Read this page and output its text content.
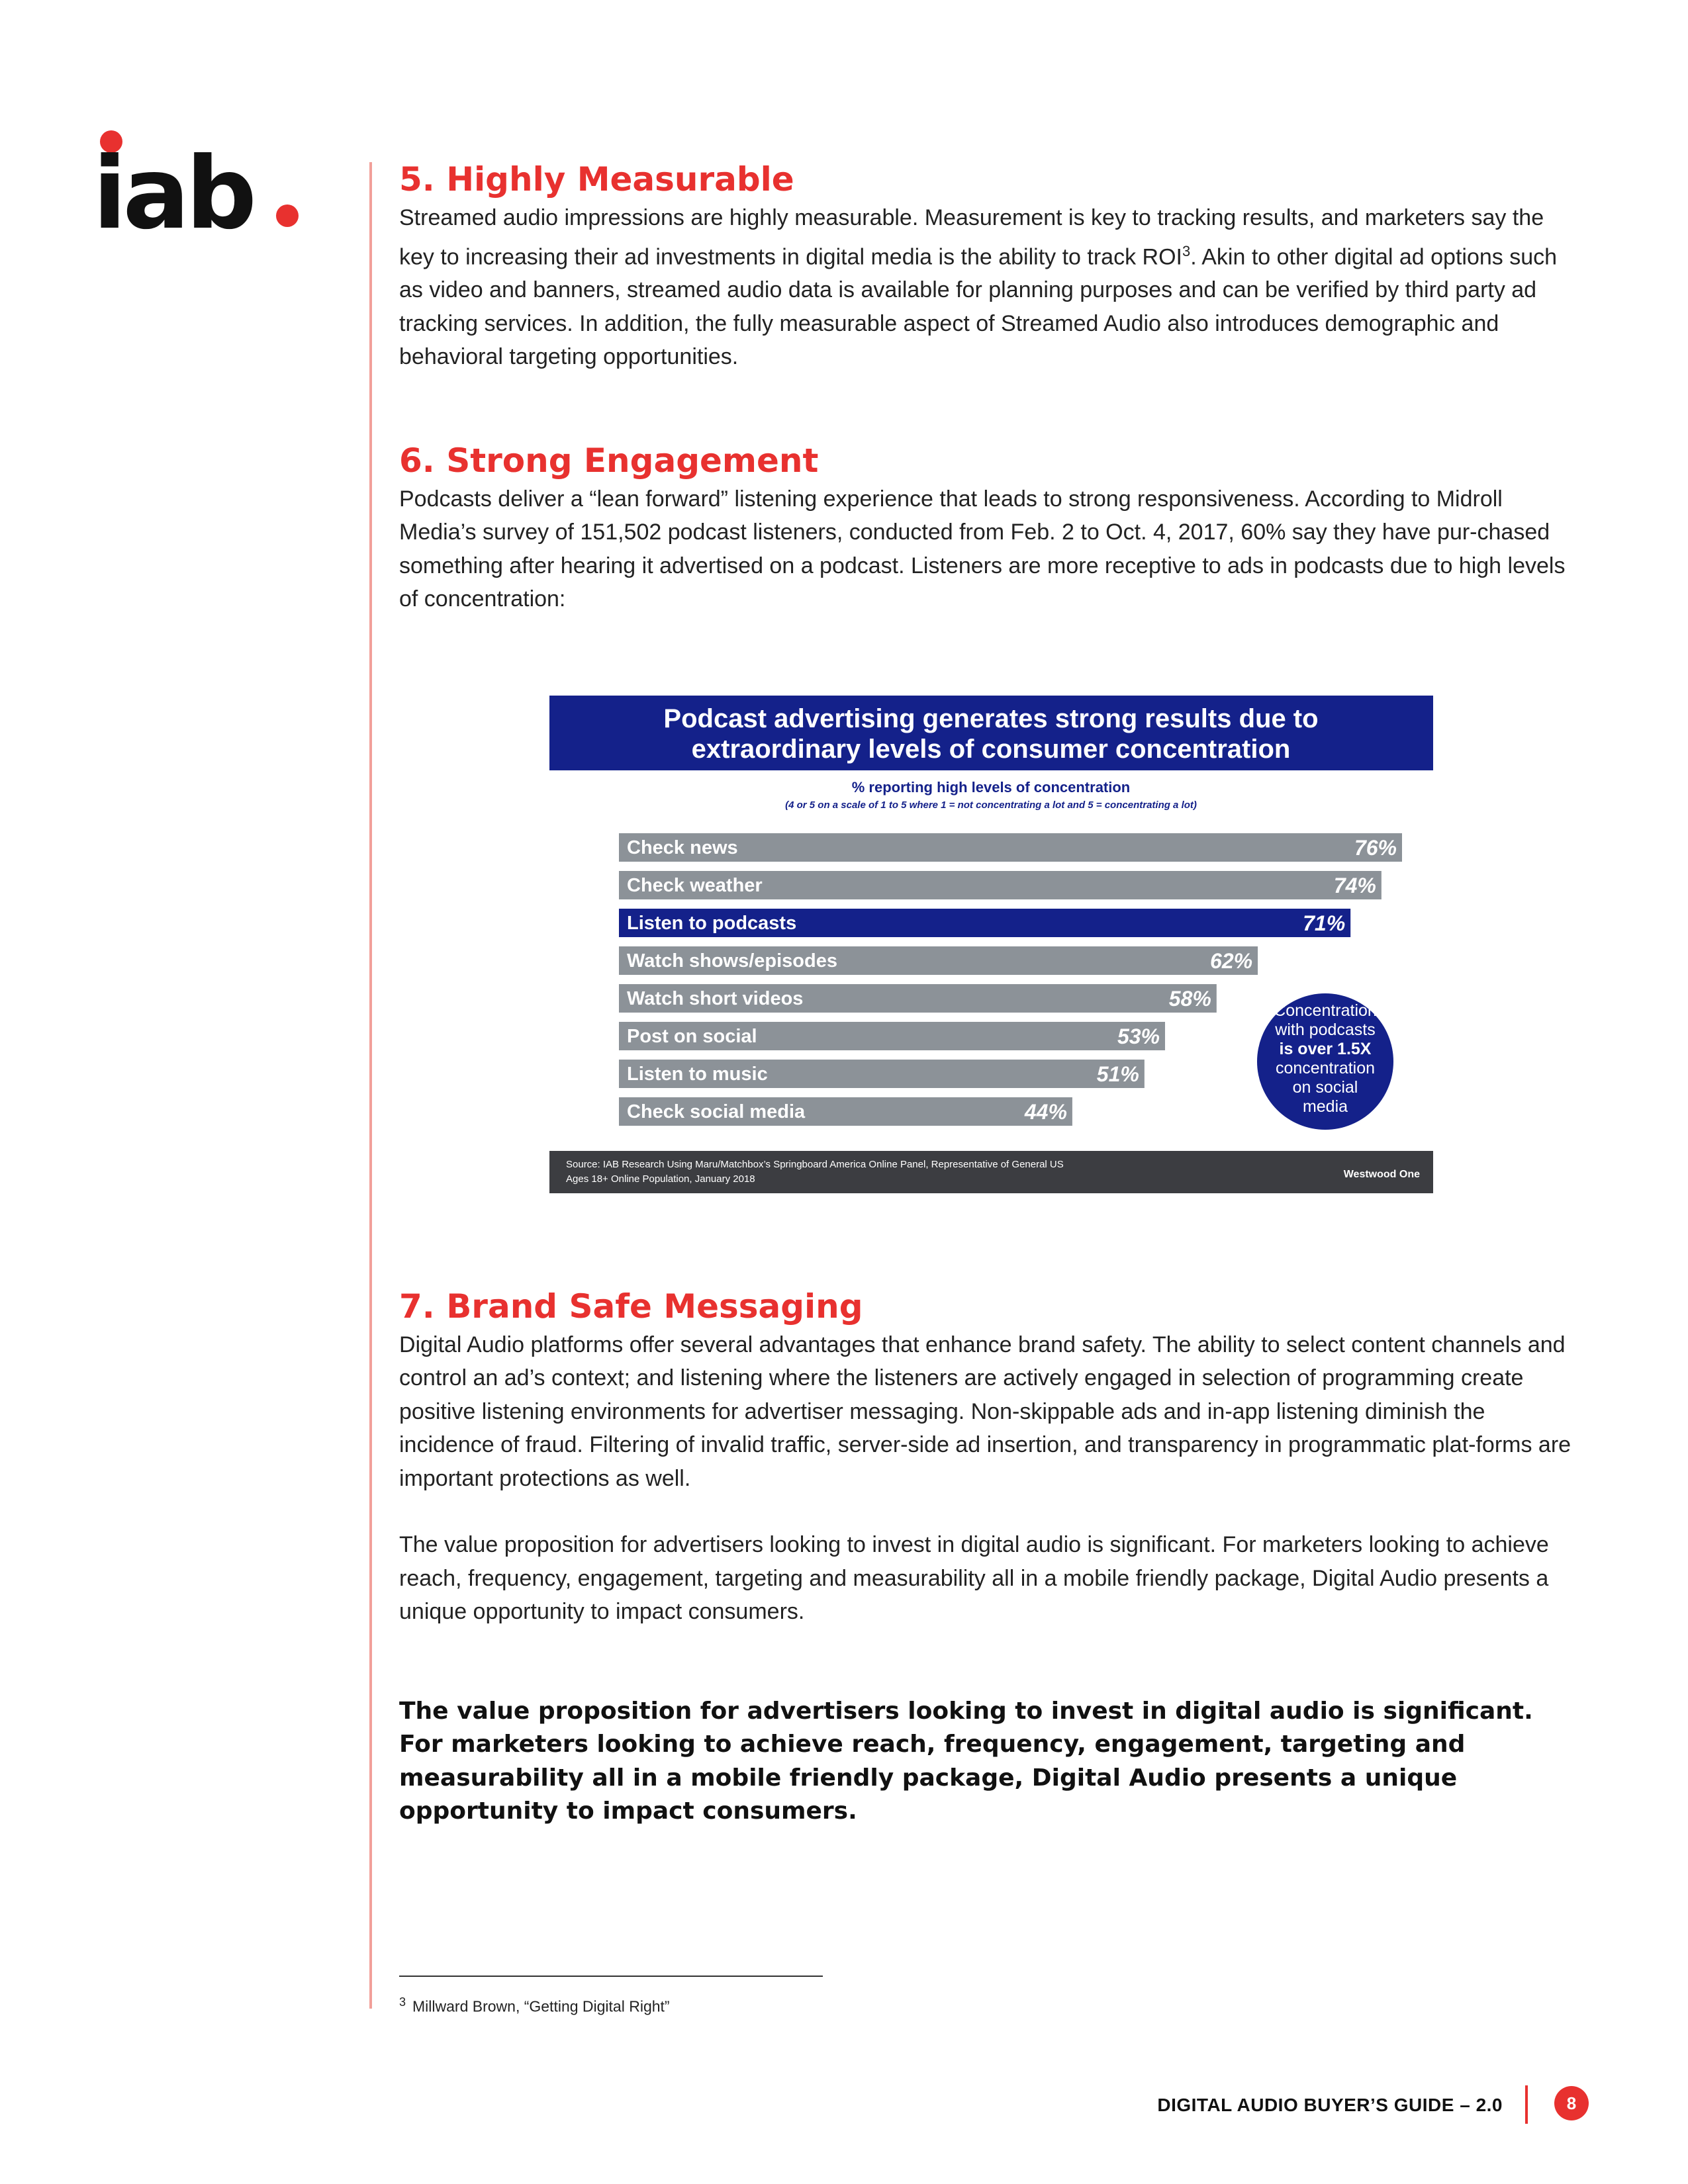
iab	5. Highly Measurable

Streamed audio impressions are highly measurable. Measurement is key to tracking results, and marketers say the key to increasing their ad investments in digital media is the ability to track ROI$^3$. Akin to other digital ad options such as video and banners, streamed audio data is available for planning purposes and can be verified by third party ad tracking services. In addition, the fully measurable aspect of Streamed Audio also introduces demographic and behavioral targeting opportunities.

6. Strong Engagement

Podcasts deliver a “lean forward” listening experience that leads to strong responsiveness. According to Midroll Media’s survey of 151,502 podcast listeners, conducted from Feb. 2 to Oct. 4, 2017, 60% say they have pur-chased something after hearing it advertised on a podcast. Listeners are more receptive to ads in podcasts due to high levels of concentration:

Podcast advertising generates strong results due to
extraordinary levels of consumer concentration
% reporting high levels of concentration
(4 or 5 on a scale of 1 to 5 where 1 = not concentrating a lot and 5 = concentrating a lot)
Check news	76%
Check weather	74%
Listen to podcasts	71%
Watch shows/episodes	62%
Watch short videos	58%
Post on social	53%
Listen to music	51%
Check social media	44%
Concentration
with podcasts
is over 1.5X
concentration
on social
media
Source: IAB Research Using Maru/Matchbox’s Springboard America Online Panel, Representative of General US
Ages 18+ Online Population, January 2018	Westwood One
7. Brand Safe Messaging

Digital Audio platforms offer several advantages that enhance brand safety. The ability to select content channels and control an ad’s context; and listening where the listeners are actively engaged in selection of programming create positive listening environments for advertiser messaging. Non-skippable ads and in-app listening diminish the incidence of fraud. Filtering of invalid traffic, server-side ad insertion, and transparency in programmatic plat-forms are important protections as well.

The value proposition for advertisers looking to invest in digital audio is significant. For marketers looking to achieve reach, frequency, engagement, targeting and measurability all in a mobile friendly package, Digital Audio presents a unique opportunity to impact consumers.

The value proposition for advertisers looking to invest in digital audio is significant. For marketers looking to achieve reach, frequency, engagement, targeting and measurability all in a mobile friendly package, Digital Audio presents a unique opportunity to impact consumers.

$^3$ Millward Brown, “Getting Digital Right”
DIGITAL AUDIO BUYER’S GUIDE – 2.0	8
